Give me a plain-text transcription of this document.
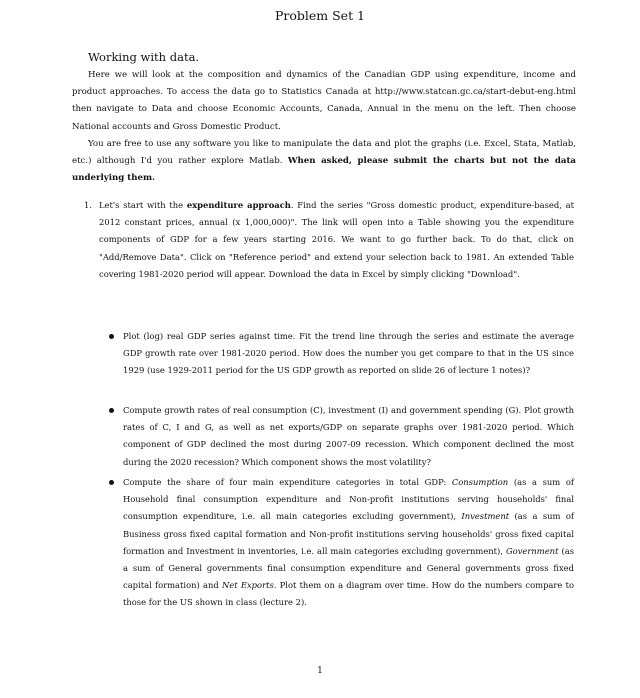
Problem Set 1
Working with data.

Here we will look at the composition and dynamics of the Canadian GDP using expenditure, income and product approaches. To access the data go to Statistics Canada at http://www.statcan.gc.ca/start-debut-eng.html then navigate to Data and choose Economic Accounts, Canada, Annual in the menu on the left. Then choose National accounts and Gross Domestic Product.

You are free to use any software you like to manipulate the data and plot the graphs (i.e. Excel, Stata, Matlab, etc.) although I'd you rather explore Matlab. When asked, please submit the charts but not the data underlying them.

1. Let's start with the expenditure approach. Find the series "Gross domestic product, expenditure-based, at 2012 constant prices, annual (x 1,000,000)". The link will open into a Table showing you the expenditure components of GDP for a few years starting 2016. We want to go further back. To do that, click on "Add/Remove Data". Click on "Reference period" and extend your selection back to 1981. An extended Table covering 1981-2020 period will appear. Download the data in Excel by simply clicking "Download".

Plot (log) real GDP series against time. Fit the trend line through the series and estimate the average GDP growth rate over 1981-2020 period. How does the number you get compare to that in the US since 1929 (use 1929-2011 period for the US GDP growth as reported on slide 26 of lecture 1 notes)?

Compute growth rates of real consumption (C), investment (I) and government spending (G). Plot growth rates of C, I and G, as well as net exports/GDP on separate graphs over 1981-2020 period. Which component of GDP declined the most during 2007-09 recession. Which component declined the most during the 2020 recession? Which component shows the most volatility?

Compute the share of four main expenditure categories in total GDP: Consumption (as a sum of Household final consumption expenditure and Non-profit institutions serving households' final consumption expenditure, i.e. all main categories excluding government), Investment (as a sum of Business gross fixed capital formation and Non-profit institutions serving households' gross fixed capital formation and Investment in inventories, i.e. all main categories excluding government), Government (as a sum of General governments final consumption expenditure and General governments gross fixed capital formation) and Net Exports. Plot them on a diagram over time. How do the numbers compare to those for the US shown in class (lecture 2).

1
